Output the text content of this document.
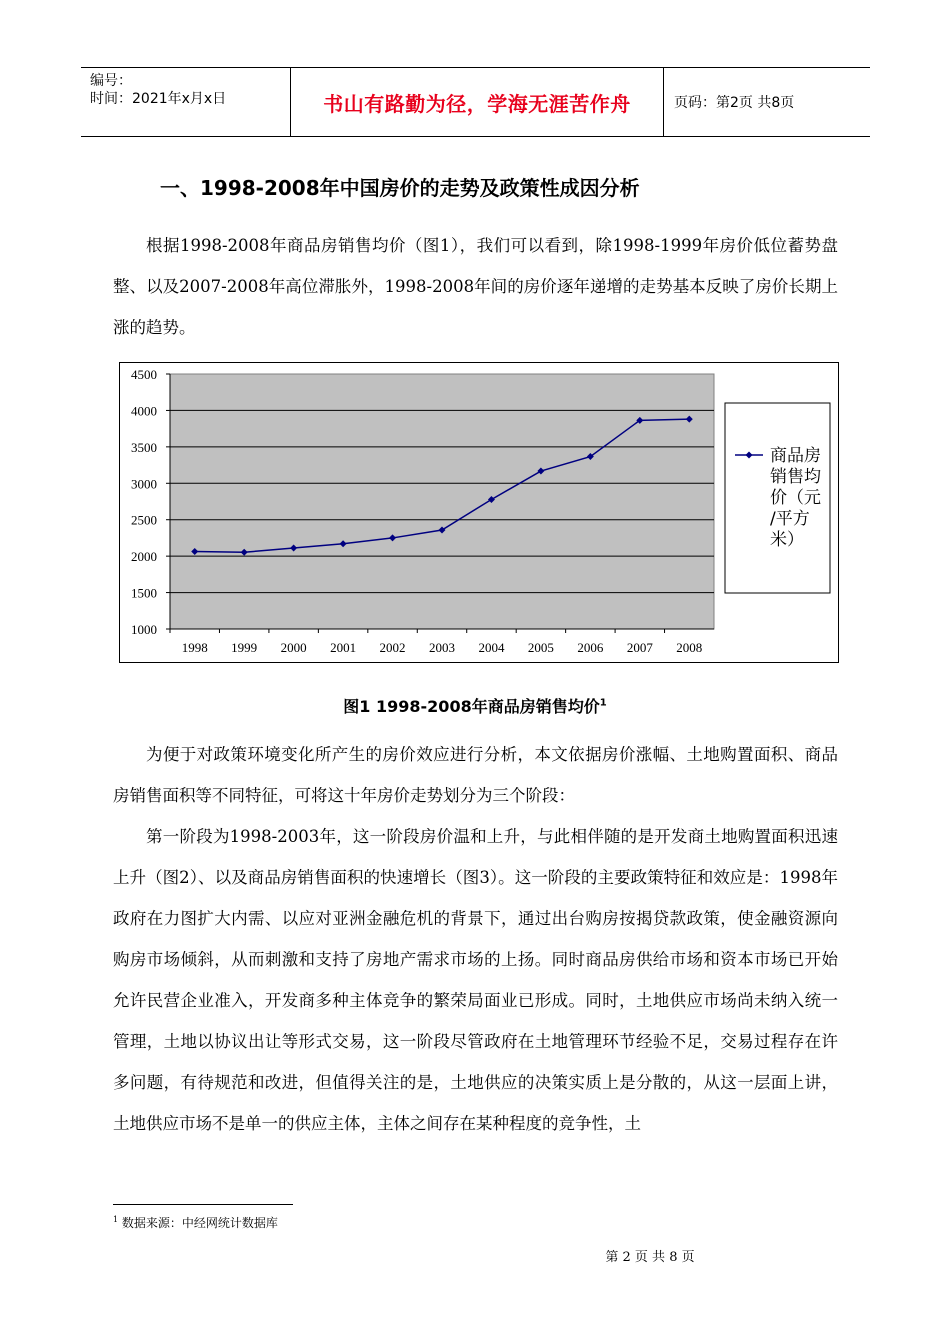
编号：
时间：2021年x月x日	书山有路勤为径，学海无涯苦作舟	页码：第2页 共8页
一、1998-2008年中国房价的走势及政策性成因分析

根据1998-2008年商品房销售均价（图1），我们可以看到，除1998-1999年房价低位蓄势盘整、以及2007-2008年高位滞胀外，1998-2008年间的房价逐年递增的走势基本反映了房价长期上涨的趋势。

4500
4000
3500
3000
2500
2000
1500
1000
1998 1999 2000 2001 2002 2003 2004 2005 2006 2007 2008
商品房
销售均
价（元
/平方
米）
图1 1998-2008年商品房销售均价$^1$

为便于对政策环境变化所产生的房价效应进行分析，本文依据房价涨幅、土地购置面积、商品房销售面积等不同特征，可将这十年房价走势划分为三个阶段：

第一阶段为1998-2003年，这一阶段房价温和上升，与此相伴随的是开发商土地购置面积迅速上升（图2）、以及商品房销售面积的快速增长（图3）。这一阶段的主要政策特征和效应是：1998年政府在力图扩大内需、以应对亚洲金融危机的背景下，通过出台购房按揭贷款政策，使金融资源向购房市场倾斜，从而刺激和支持了房地产需求市场的上扬。同时商品房供给市场和资本市场已开始允许民营企业准入，开发商多种主体竞争的繁荣局面业已形成。同时，土地供应市场尚未纳入统一管理，土地以协议出让等形式交易，这一阶段尽管政府在土地管理环节经验不足，交易过程存在许多问题，有待规范和改进，但值得关注的是，土地供应的决策实质上是分散的，从这一层面上讲，土地供应市场不是单一的供应主体，主体之间存在某种程度的竞争性，土

$^1$ 数据来源：中经网统计数据库
第 2 页 共 8 页
